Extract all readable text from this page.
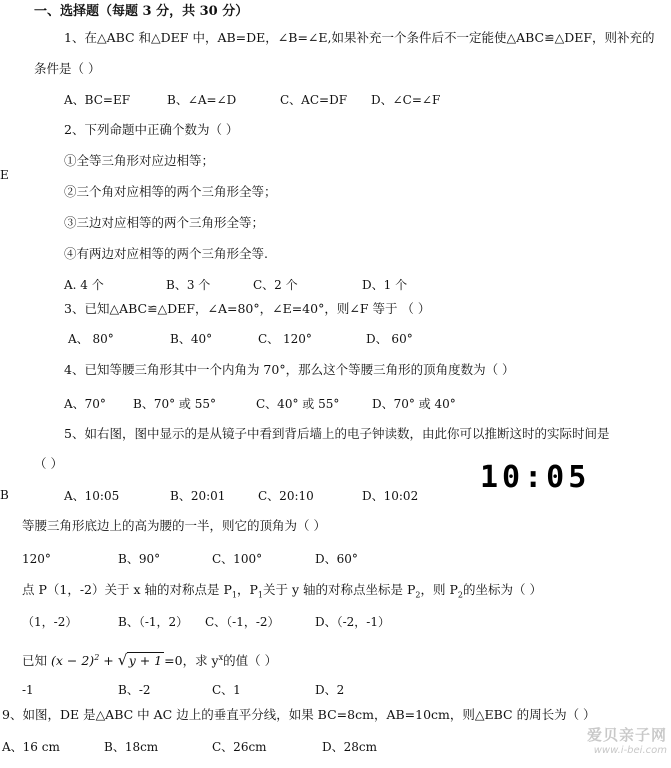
一、选择题（每题 3 分，共 30 分）
1、在△ABC 和△DEF 中，AB=DE，∠B=∠E,如果补充一个条件后不一定能使△ABC≌△DEF，则补充的
条件是（ ）
A、BC=EF	B、∠A=∠D	C、AC=DF D、∠C=∠F
2、下列命题中正确个数为（ ）
①全等三角形对应边相等；
②三个角对应相等的两个三角形全等；
③三边对应相等的两个三角形全等；
④有两边对应相等的两个三角形全等.
A. 4 个	B、3 个	C、2 个	D、1 个
3、已知△ABC≌△DEF，∠A=80°，∠E=40°，则∠F 等于 （ ）
A、 80°	B、40°	C、 120°	D、 60°
4、已知等腰三角形其中一个内角为 70°，那么这个等腰三角形的顶角度数为（ ）
A、70° B、70° 或 55°	C、40° 或 55°	D、70° 或 40°
5、如右图，图中显示的是从镜子中看到背后墙上的电子钟读数，由此你可以推断这时的实际时间是
（ ）	10:05
A、10:05	B、20:01	C、20:10	D、10:02
等腰三角形底边上的高为腰的一半，则它的顶角为（ ）
120°	B、90°	C、100°	D、60°
点 P（1，-2）关于 x 轴的对称点是 $P_1$，$P_1$关于 y 轴的对称点坐标是 $P_2$，则 $P_2$的坐标为（ ）
（1，-2）	B、（-1，2） C、（-1，-2）	D、（-2，-1）
已知 $(x - 2)^2$ + √ y + 1 =0，求 $y^x$的值（ ）
-1	B、-2	C、1	D、2
9、如图，DE 是△ABC 中 AC 边上的垂直平分线，如果 BC=8cm，AB=10cm，则△EBC 的周长为（ ）
A、16 cm	B、18cm	C、26cm	D、28cm
E
B
爱贝亲子网
www.i-bei.com
